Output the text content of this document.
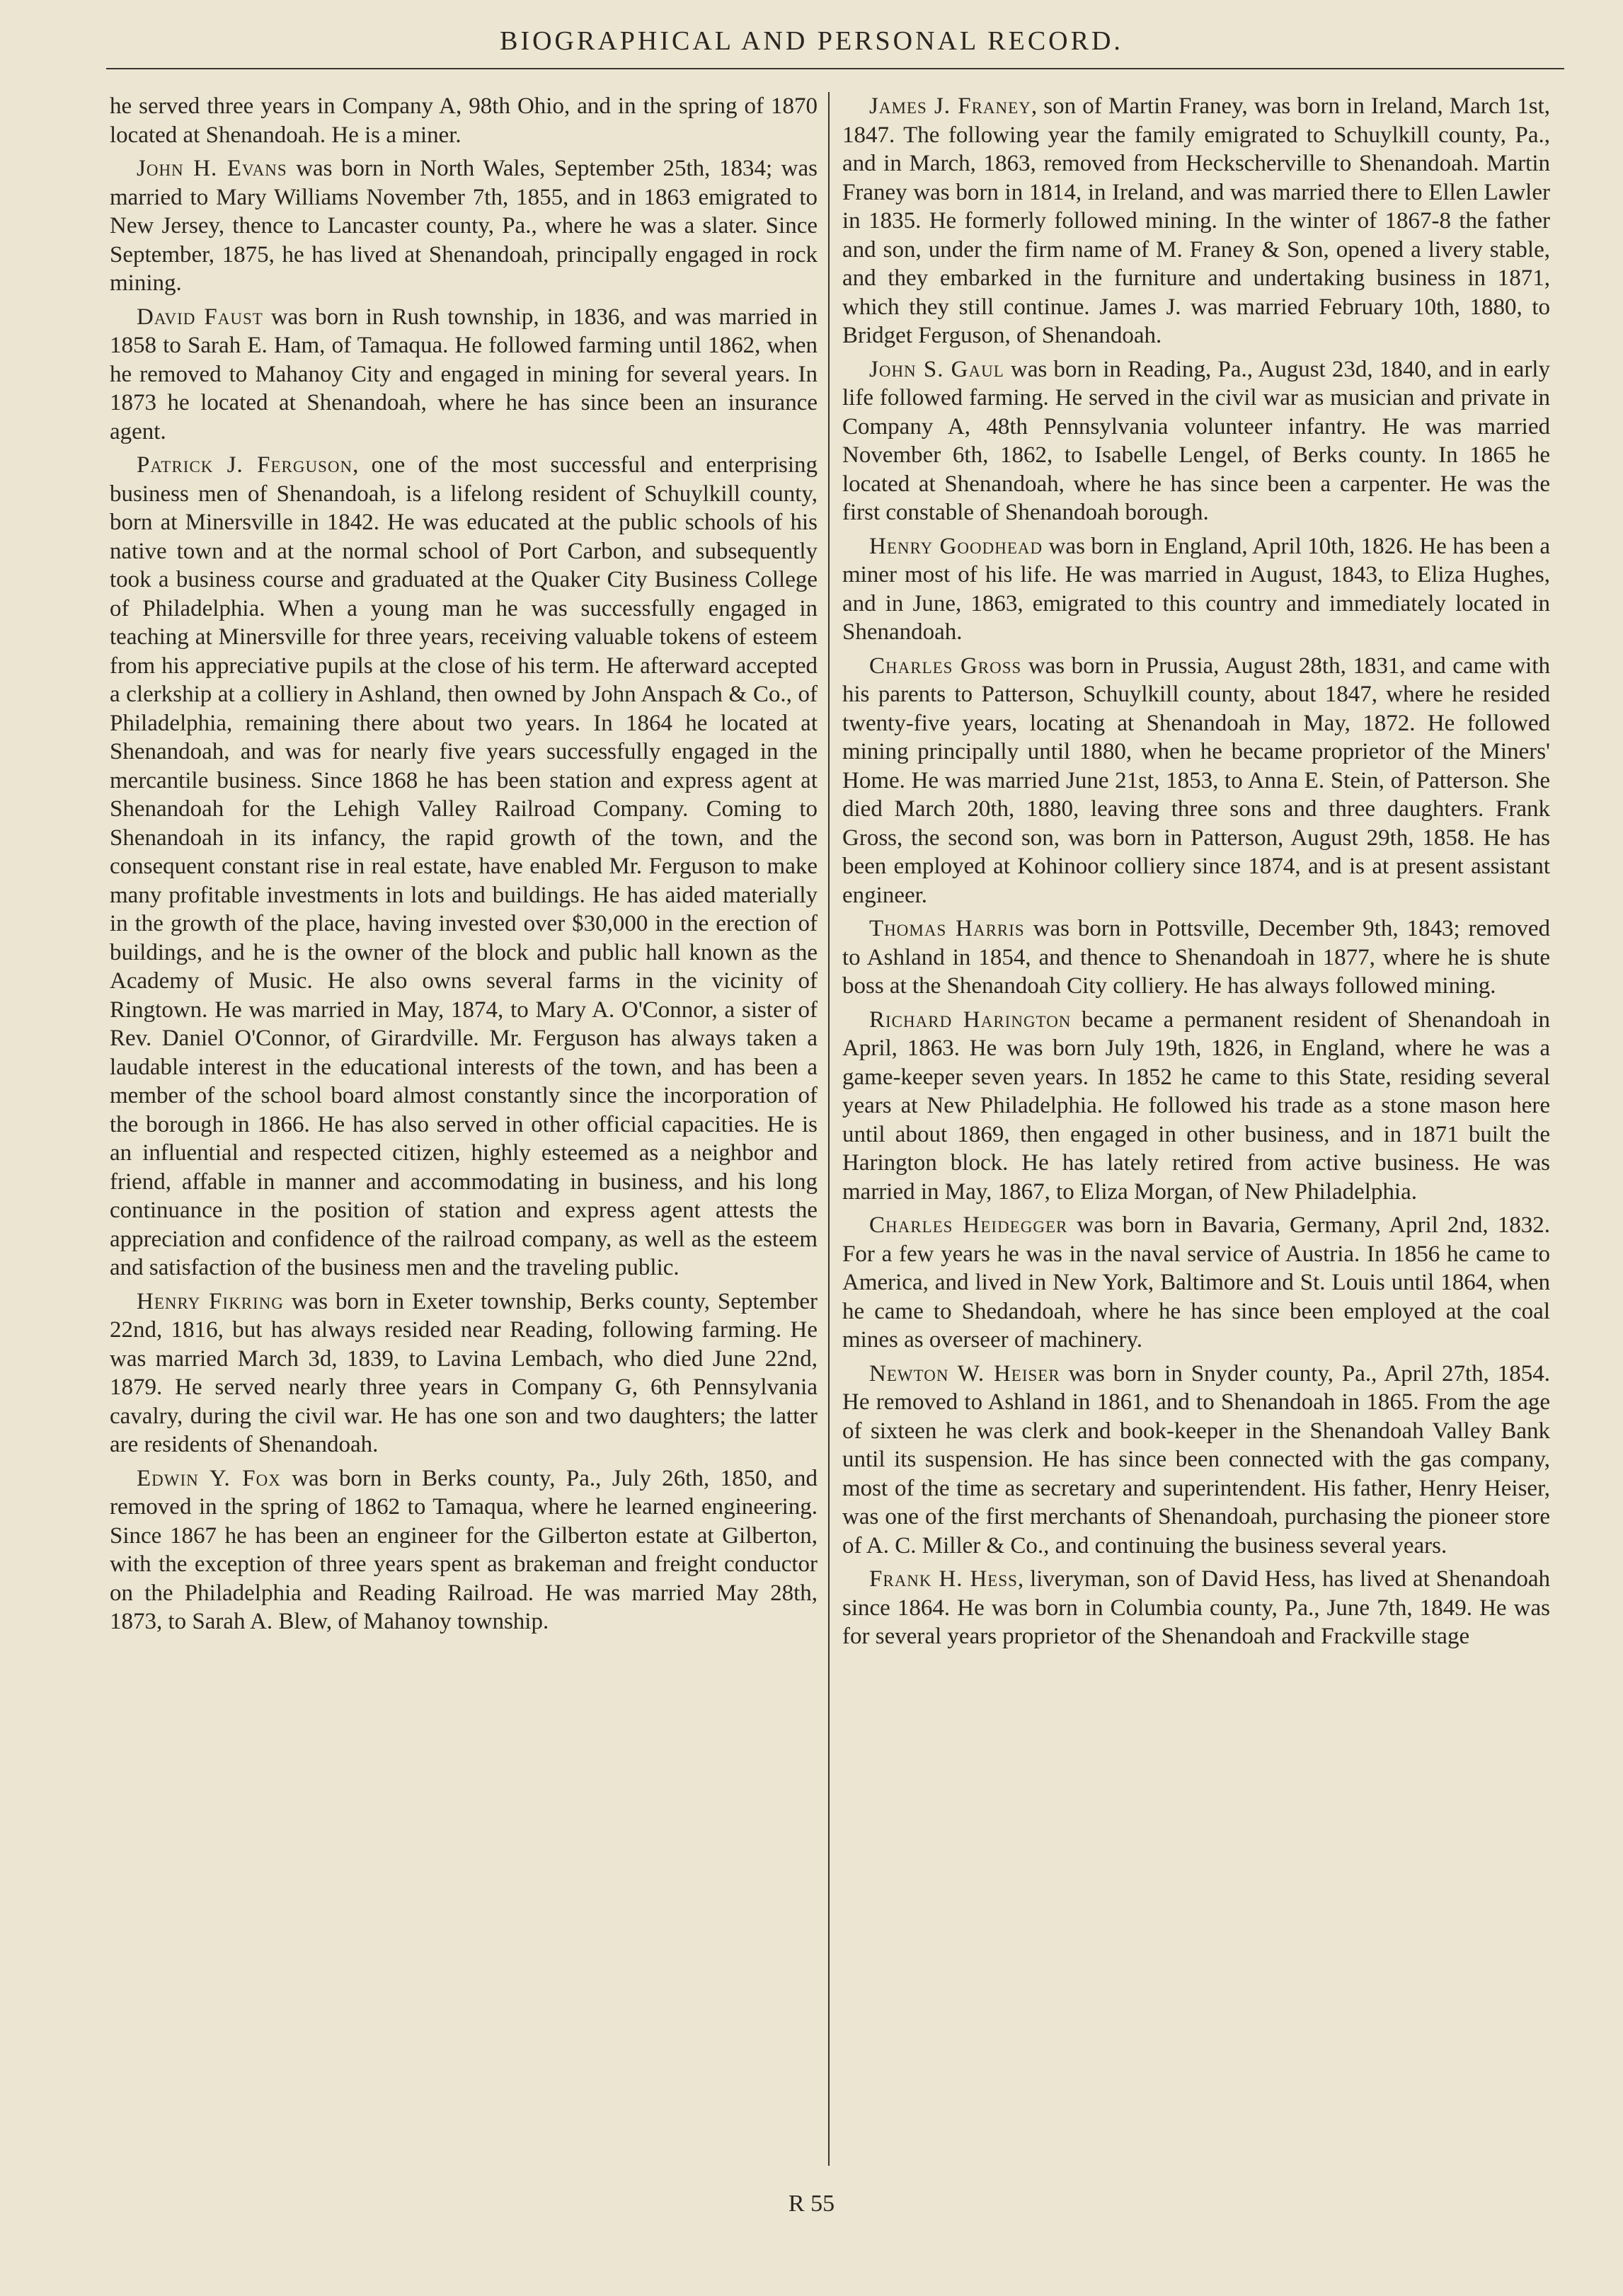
BIOGRAPHICAL AND PERSONAL RECORD.

he served three years in Company A, 98th Ohio, and in the spring of 1870 located at Shenandoah. He is a miner.

John H. Evans was born in North Wales, September 25th, 1834; was married to Mary Williams November 7th, 1855, and in 1863 emigrated to New Jersey, thence to Lancaster county, Pa., where he was a slater. Since September, 1875, he has lived at Shenandoah, principally engaged in rock mining.

David Faust was born in Rush township, in 1836, and was married in 1858 to Sarah E. Ham, of Tamaqua. He followed farming until 1862, when he removed to Mahanoy City and engaged in mining for several years. In 1873 he located at Shenandoah, where he has since been an insurance agent.

Patrick J. Ferguson, one of the most successful and enterprising business men of Shenandoah, is a lifelong resident of Schuylkill county, born at Minersville in 1842. He was educated at the public schools of his native town and at the normal school of Port Carbon, and subsequently took a business course and graduated at the Quaker City Business College of Philadelphia. When a young man he was successfully engaged in teaching at Minersville for three years, receiving valuable tokens of esteem from his appreciative pupils at the close of his term. He afterward accepted a clerkship at a colliery in Ashland, then owned by John Anspach & Co., of Philadelphia, remaining there about two years. In 1864 he located at Shenandoah, and was for nearly five years successfully engaged in the mercantile business. Since 1868 he has been station and express agent at Shenandoah for the Lehigh Valley Railroad Company. Coming to Shenandoah in its infancy, the rapid growth of the town, and the consequent constant rise in real estate, have enabled Mr. Ferguson to make many profitable investments in lots and buildings. He has aided materially in the growth of the place, having invested over $30,000 in the erection of buildings, and he is the owner of the block and public hall known as the Academy of Music. He also owns several farms in the vicinity of Ringtown. He was married in May, 1874, to Mary A. O'Connor, a sister of Rev. Daniel O'Connor, of Girardville. Mr. Ferguson has always taken a laudable interest in the educational interests of the town, and has been a member of the school board almost constantly since the incorporation of the borough in 1866. He has also served in other official capacities. He is an influential and respected citizen, highly esteemed as a neighbor and friend, affable in manner and accommodating in business, and his long continuance in the position of station and express agent attests the appreciation and confidence of the railroad company, as well as the esteem and satisfaction of the business men and the traveling public.

Henry Fikring was born in Exeter township, Berks county, September 22nd, 1816, but has always resided near Reading, following farming. He was married March 3d, 1839, to Lavina Lembach, who died June 22nd, 1879. He served nearly three years in Company G, 6th Pennsylvania cavalry, during the civil war. He has one son and two daughters; the latter are residents of Shenandoah.

Edwin Y. Fox was born in Berks county, Pa., July 26th, 1850, and removed in the spring of 1862 to Tamaqua, where he learned engineering. Since 1867 he has been an engineer for the Gilberton estate at Gilberton, with the exception of three years spent as brakeman and freight conductor on the Philadelphia and Reading Railroad. He was married May 28th, 1873, to Sarah A. Blew, of Mahanoy township.

James J. Franey, son of Martin Franey, was born in Ireland, March 1st, 1847. The following year the family emigrated to Schuylkill county, Pa., and in March, 1863, removed from Heckscherville to Shenandoah. Martin Franey was born in 1814, in Ireland, and was married there to Ellen Lawler in 1835. He formerly followed mining. In the winter of 1867-8 the father and son, under the firm name of M. Franey & Son, opened a livery stable, and they embarked in the furniture and undertaking business in 1871, which they still continue. James J. was married February 10th, 1880, to Bridget Ferguson, of Shenandoah.

John S. Gaul was born in Reading, Pa., August 23d, 1840, and in early life followed farming. He served in the civil war as musician and private in Company A, 48th Pennsylvania volunteer infantry. He was married November 6th, 1862, to Isabelle Lengel, of Berks county. In 1865 he located at Shenandoah, where he has since been a carpenter. He was the first constable of Shenandoah borough.

Henry Goodhead was born in England, April 10th, 1826. He has been a miner most of his life. He was married in August, 1843, to Eliza Hughes, and in June, 1863, emigrated to this country and immediately located in Shenandoah.

Charles Gross was born in Prussia, August 28th, 1831, and came with his parents to Patterson, Schuylkill county, about 1847, where he resided twenty-five years, locating at Shenandoah in May, 1872. He followed mining principally until 1880, when he became proprietor of the Miners' Home. He was married June 21st, 1853, to Anna E. Stein, of Patterson. She died March 20th, 1880, leaving three sons and three daughters. Frank Gross, the second son, was born in Patterson, August 29th, 1858. He has been employed at Kohinoor colliery since 1874, and is at present assistant engineer.

Thomas Harris was born in Pottsville, December 9th, 1843; removed to Ashland in 1854, and thence to Shenandoah in 1877, where he is shute boss at the Shenandoah City colliery. He has always followed mining.

Richard Harington became a permanent resident of Shenandoah in April, 1863. He was born July 19th, 1826, in England, where he was a game-keeper seven years. In 1852 he came to this State, residing several years at New Philadelphia. He followed his trade as a stone mason here until about 1869, then engaged in other business, and in 1871 built the Harington block. He has lately retired from active business. He was married in May, 1867, to Eliza Morgan, of New Philadelphia.

Charles Heidegger was born in Bavaria, Germany, April 2nd, 1832. For a few years he was in the naval service of Austria. In 1856 he came to America, and lived in New York, Baltimore and St. Louis until 1864, when he came to Shedandoah, where he has since been employed at the coal mines as overseer of machinery.

Newton W. Heiser was born in Snyder county, Pa., April 27th, 1854. He removed to Ashland in 1861, and to Shenandoah in 1865. From the age of sixteen he was clerk and book-keeper in the Shenandoah Valley Bank until its suspension. He has since been connected with the gas company, most of the time as secretary and superintendent. His father, Henry Heiser, was one of the first merchants of Shenandoah, purchasing the pioneer store of A. C. Miller & Co., and continuing the business several years.

Frank H. Hess, liveryman, son of David Hess, has lived at Shenandoah since 1864. He was born in Columbia county, Pa., June 7th, 1849. He was for several years proprietor of the Shenandoah and Frackville stage

R 55
